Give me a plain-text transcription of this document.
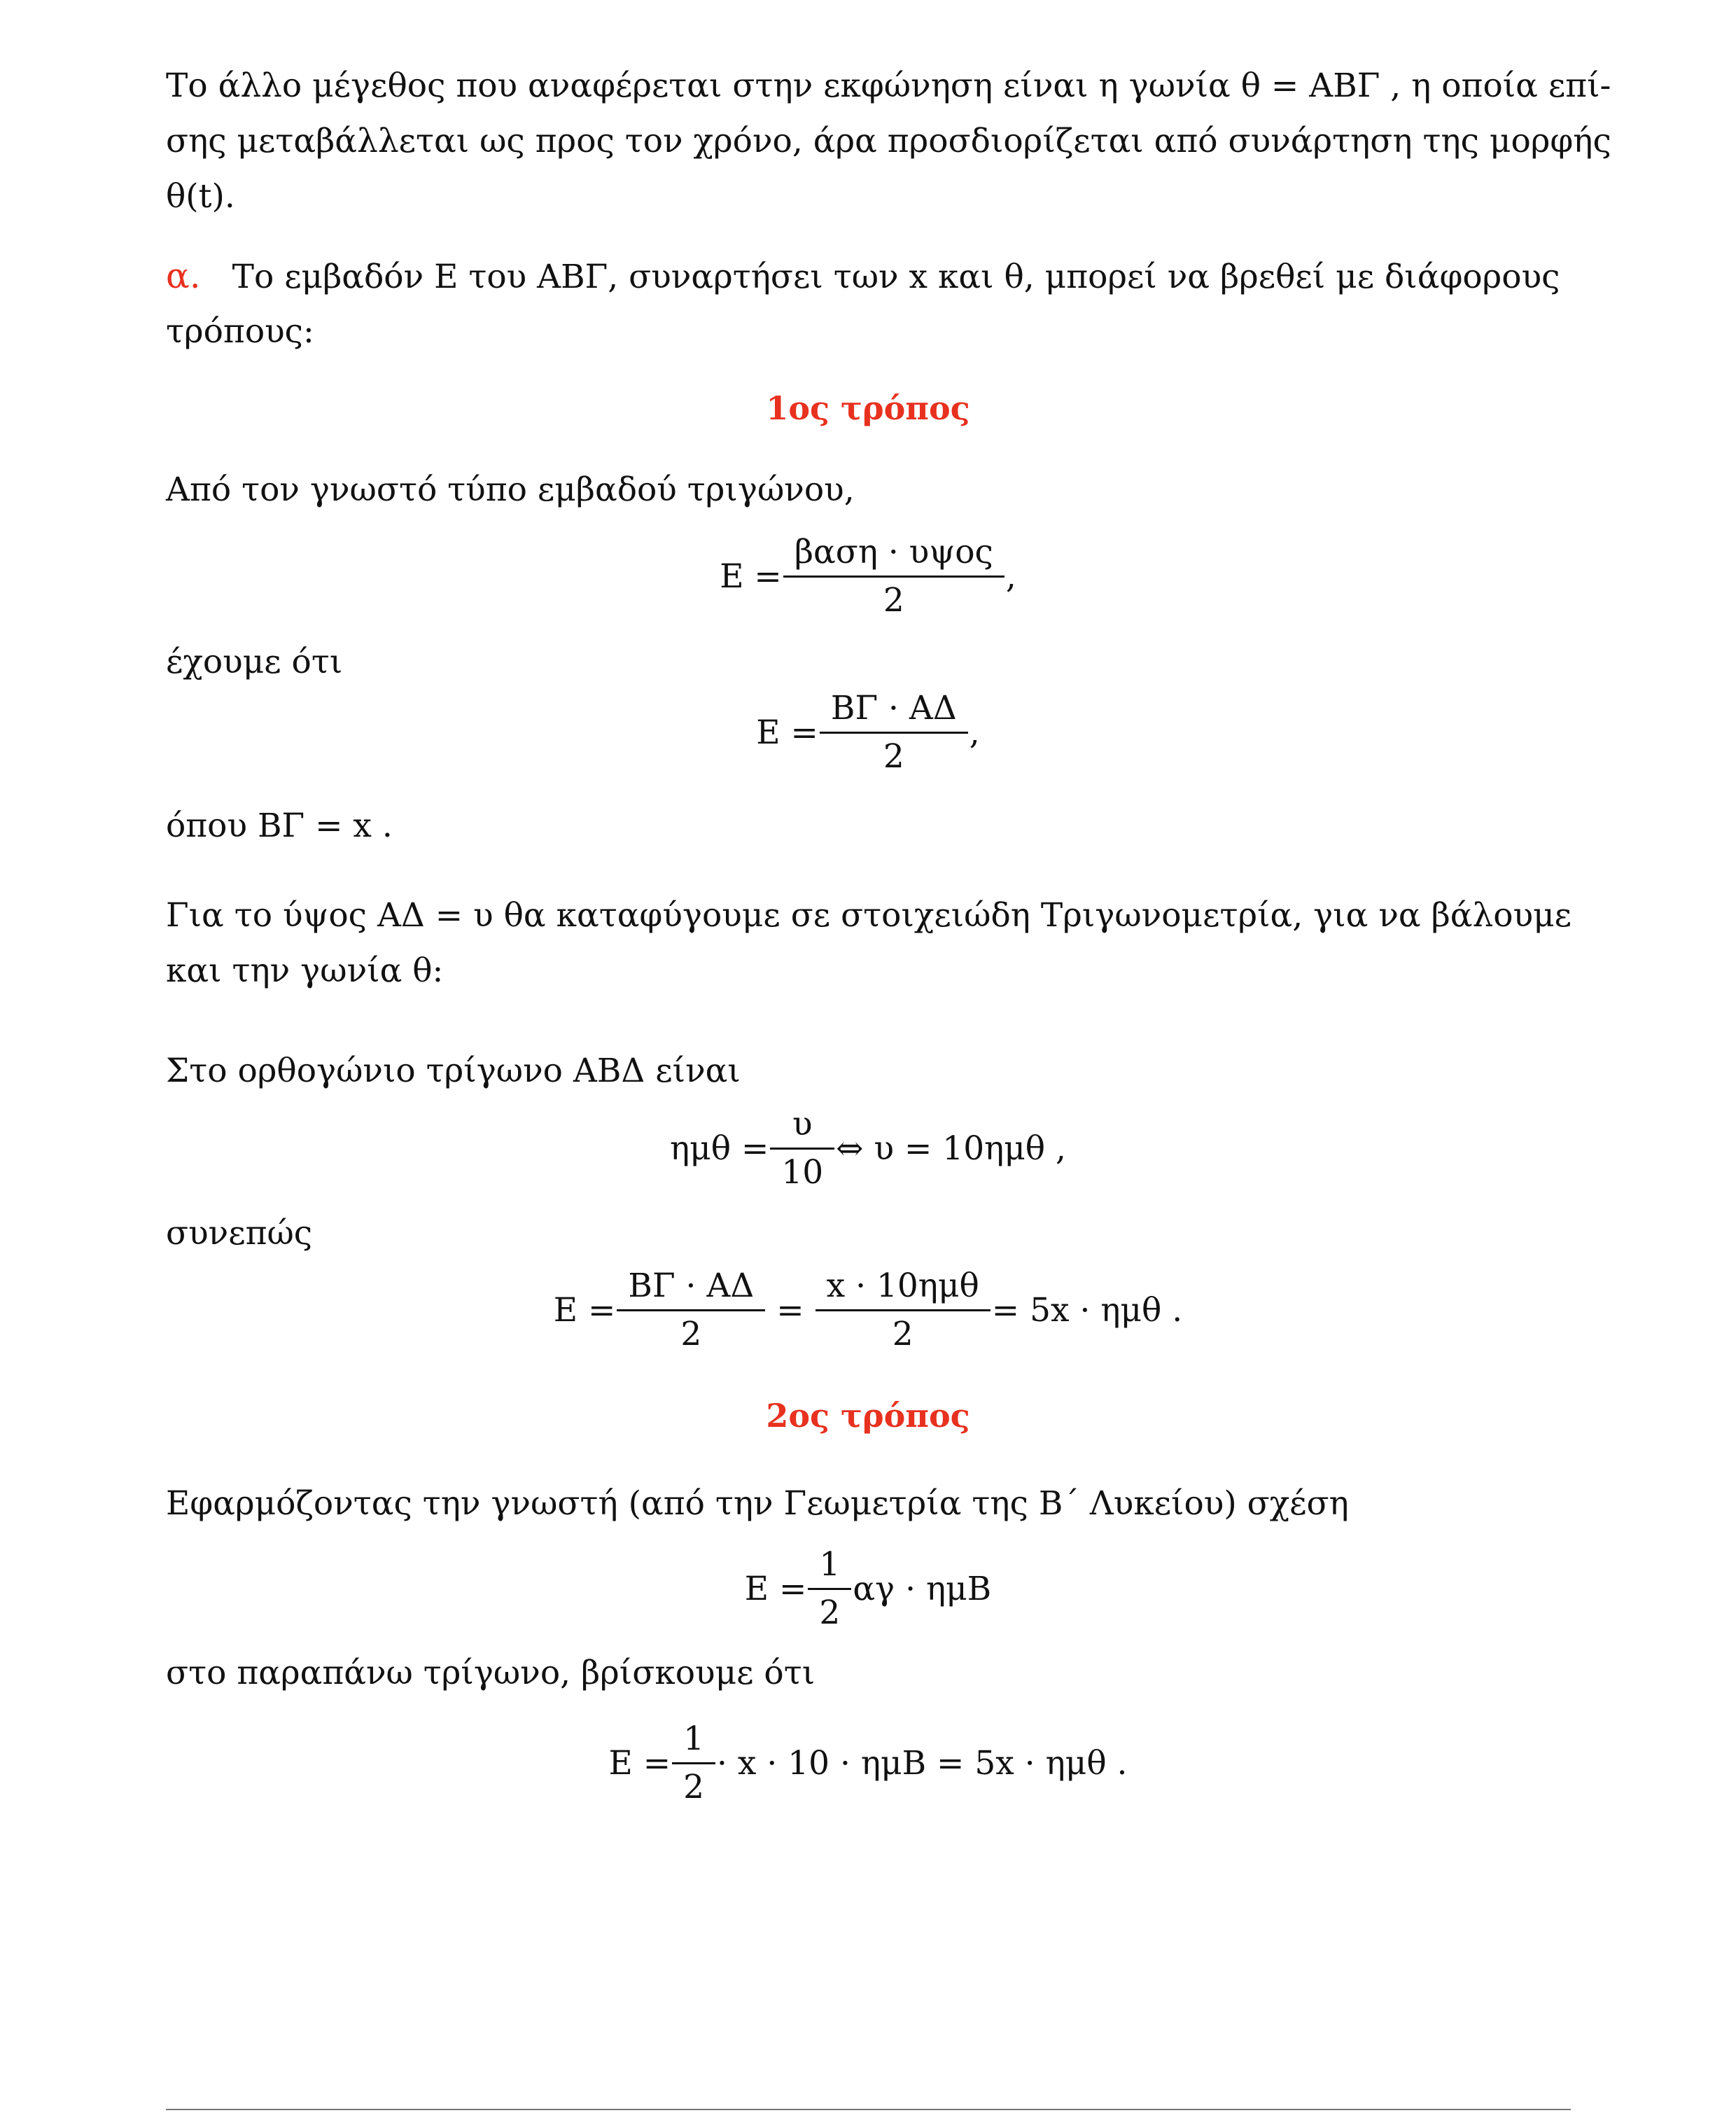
Το άλλο μέγεθος που αναφέρεται στην εκφώνηση είναι η γωνία θ = ΑΒΓ , η οποία επί-
σης μεταβάλλεται ως προς τον χρόνο, άρα προσδιορίζεται από συνάρτηση της μορφής
θ(t).
α. Το εμβαδόν Ε του ΑΒΓ, συναρτήσει των x και θ, μπορεί να βρεθεί με διάφορους
τρόπους:
1ος τρόπος
Από τον γνωστό τύπο εμβαδού τριγώνου,
$E = \frac{\text{βαση · υψος}}{2}$ ,
έχουμε ότι
$E = \frac{B\Gamma \cdot A\Delta}{2}$ ,
όπου ΒΓ = x .
Για το ύψος ΑΔ = υ θα καταφύγουμε σε στοιχειώδη Τριγωνομετρία, για να βάλουμε
και την γωνία θ:
Στο ορθογώνιο τρίγωνο ΑΒΔ είναι
$\eta\mu\theta = \frac{\upsilon}{10}$ ⇔ υ = 10ημθ ,
συνεπώς
$E = \frac{B\Gamma \cdot A\Delta}{2} = \frac{\text{x · 10ημθ}}{2} = 5x \cdot \eta\mu\theta$ .
2ος τρόπος
Εφαρμόζοντας την γνωστή (από την Γεωμετρία της Β΄ Λυκείου) σχέση
$E = \frac{1}{2}$ αγ · ημΒ
στο παραπάνω τρίγωνο, βρίσκουμε ότι
$E = \frac{1}{2} \cdot x \cdot 10 \cdot \eta\mu B = 5x \cdot \eta\mu\theta$ .
